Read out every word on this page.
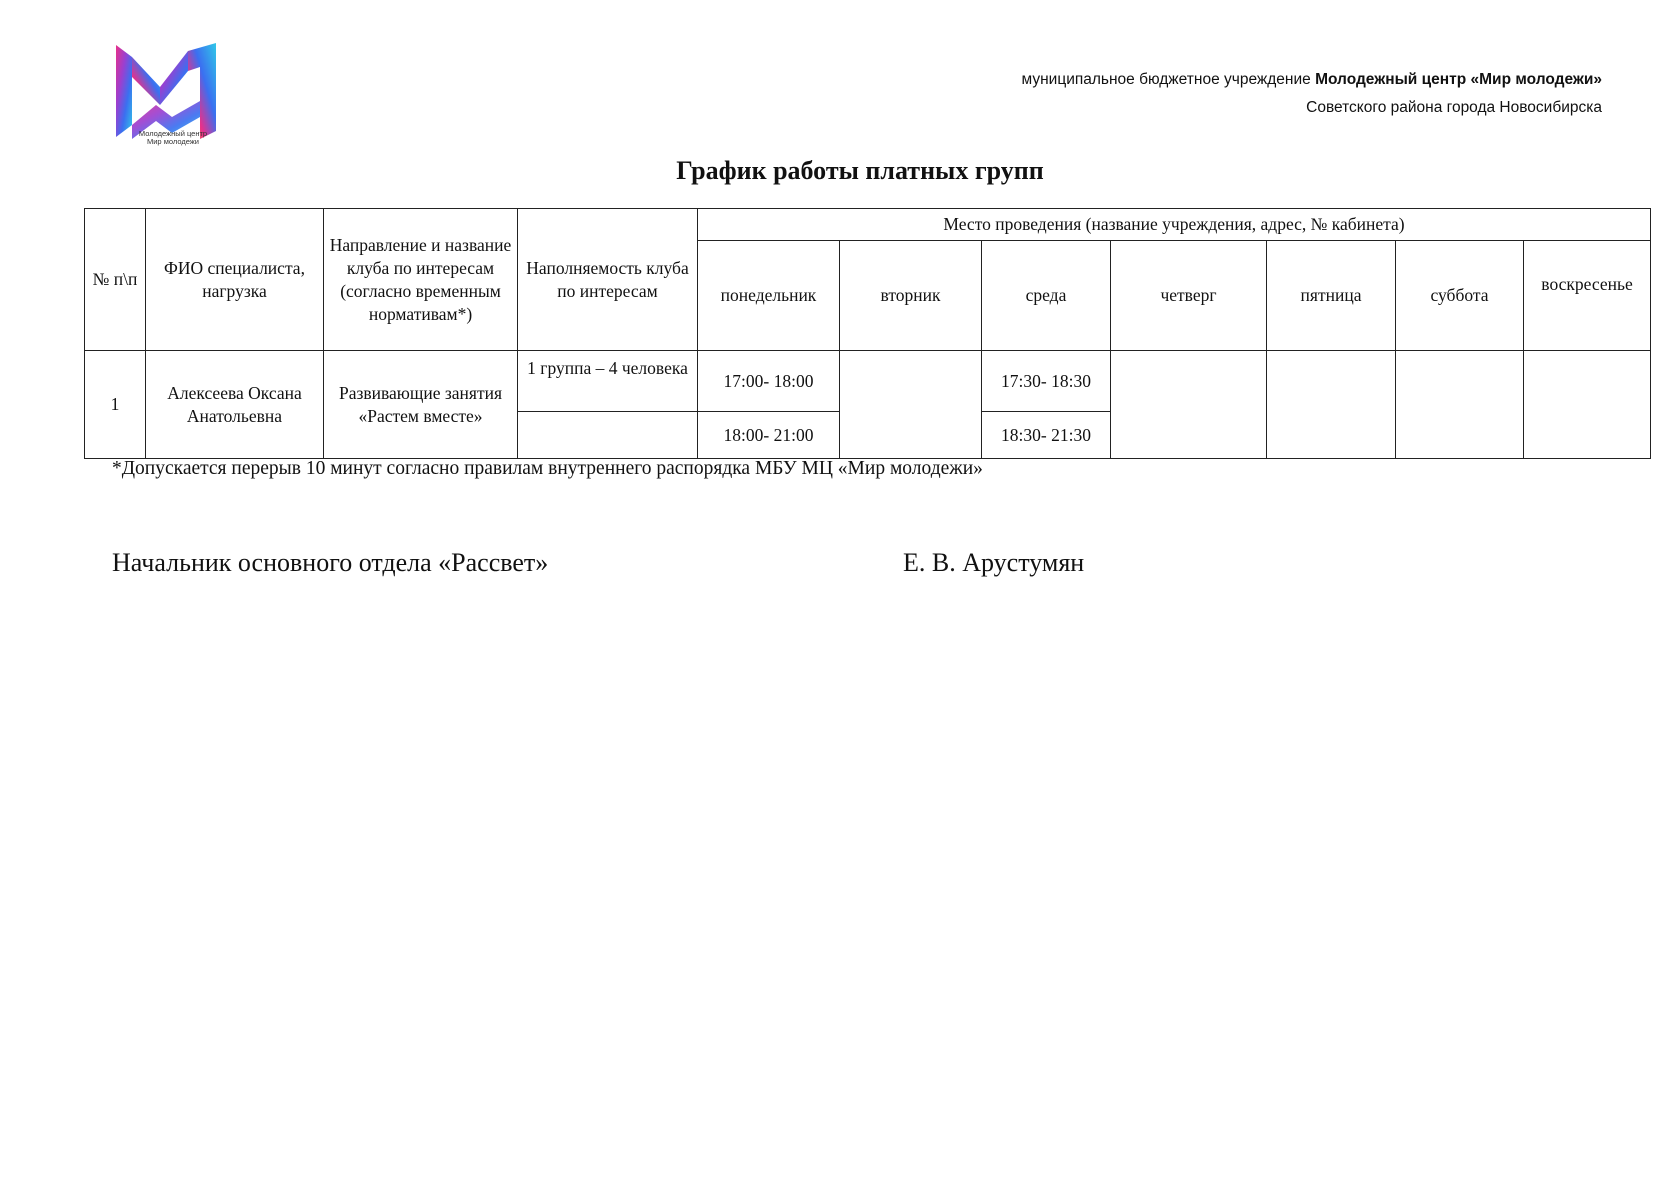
Молодежный центр
Мир молодежи
муниципальное бюджетное учреждение Молодежный центр «Мир молодежи»
Советского района города Новосибирска
График работы платных групп
№ п\п	ФИО специалиста, нагрузка	Направление и название клуба по интересам (согласно временным нормативам*)	Наполняемость клуба по интересам	Место проведения (название учреждения, адрес, № кабинета)						
				понедельник	вторник	среда	четверг	пятница	суббота	воскресенье
1	Алексеева Оксана Анатольевна	Развивающие занятия «Растем вместе»	1 группа – 4 человека	17:00- 18:00		17:30- 18:30				
				18:00- 21:00		18:30- 21:30				
*Допускается перерыв 10 минут согласно правилам внутреннего распорядка МБУ МЦ «Мир молодежи»
Начальник основного отдела «Рассвет»	Е. В. Арустумян
